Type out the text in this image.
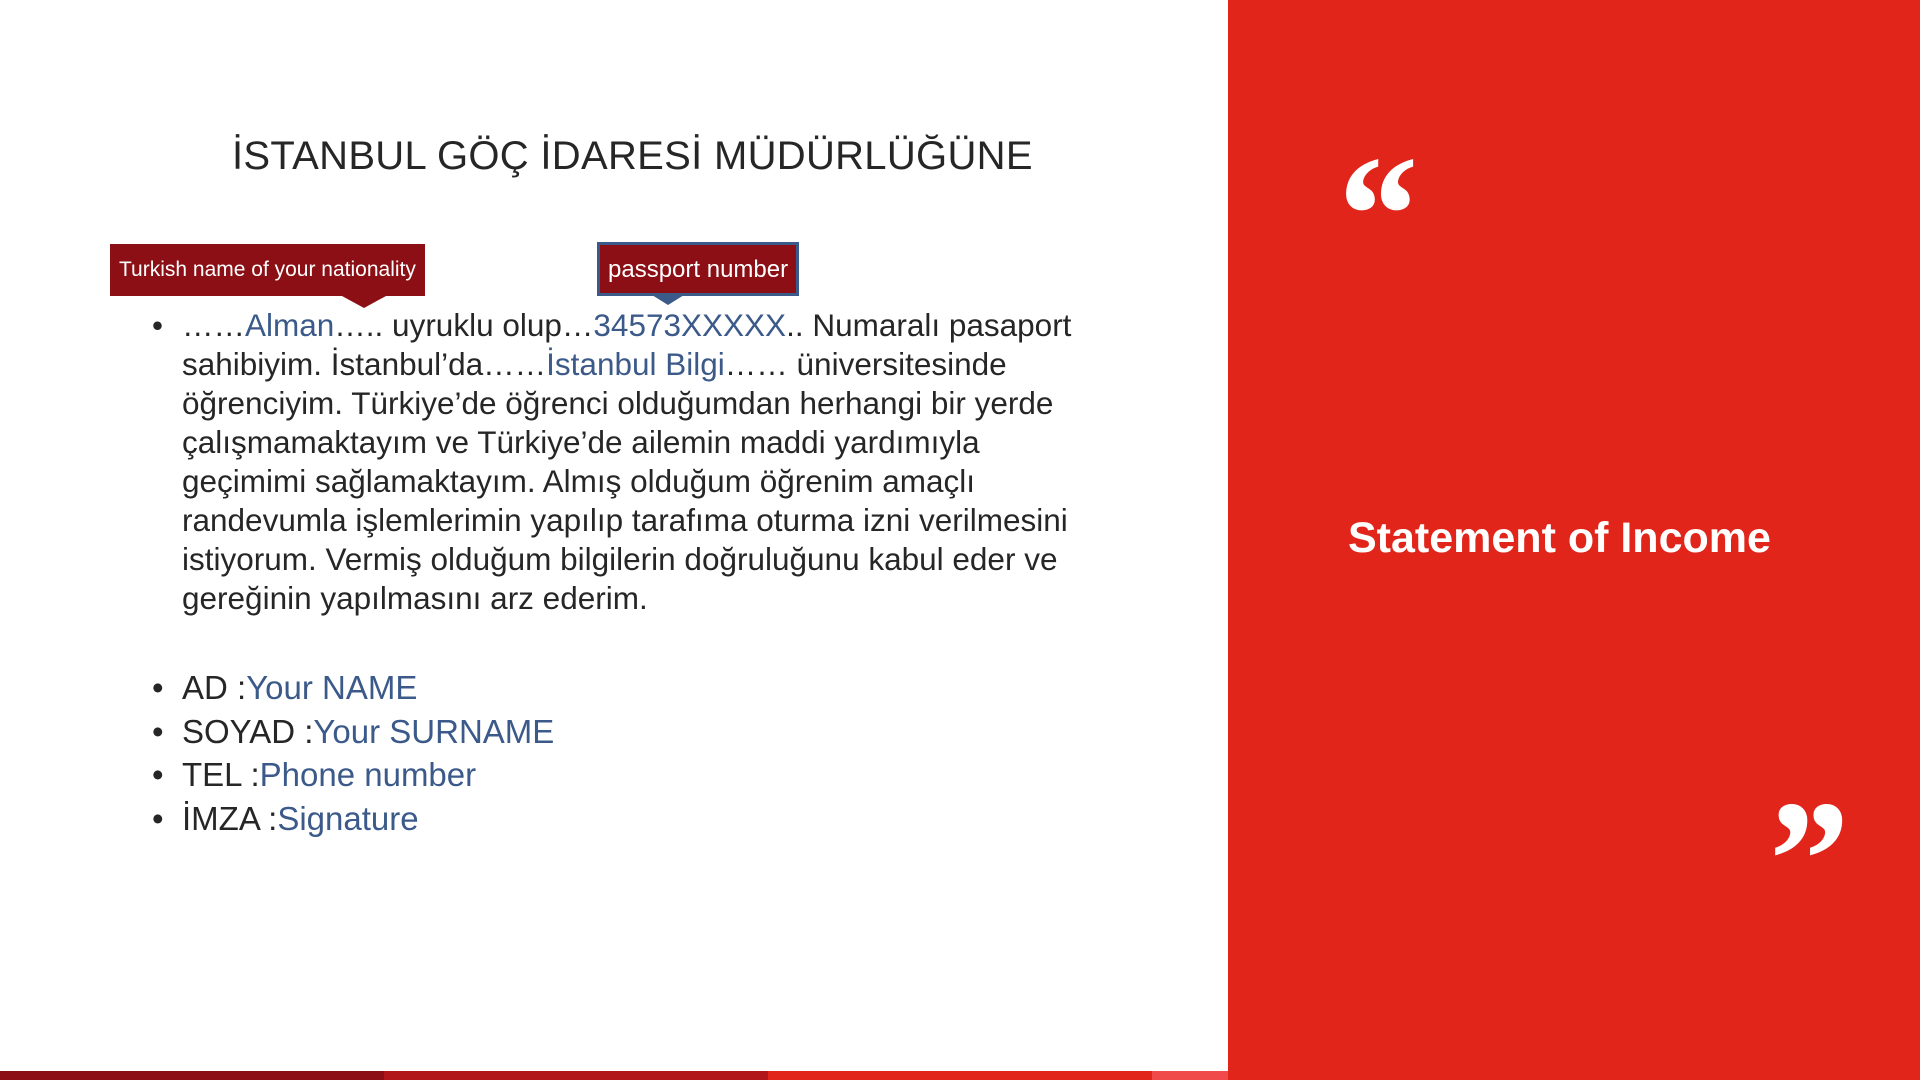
İSTANBUL GÖÇ İDARESİ MÜDÜRLÜĞÜNE
Turkish name of your nationality	passport number
• ……Alman….. uyruklu olup…34573XXXXX.. Numaralı pasaport sahibiyim. İstanbul’da……İstanbul Bilgi…… üniversitesinde öğrenciyim. Türkiye’de öğrenci olduğumdan herhangi bir yerde çalışmamaktayım ve Türkiye’de ailemin maddi yardımıyla geçimimi sağlamaktayım. Almış olduğum öğrenim amaçlı randevumla işlemlerimin yapılıp tarafıma oturma izni verilmesini istiyorum. Vermiş olduğum bilgilerin doğruluğunu kabul eder ve gereğinin yapılmasını arz ederim.
• AD : Your NAME
• SOYAD : Your SURNAME
• TEL : Phone number
• İMZA : Signature
“
Statement of Income
”
